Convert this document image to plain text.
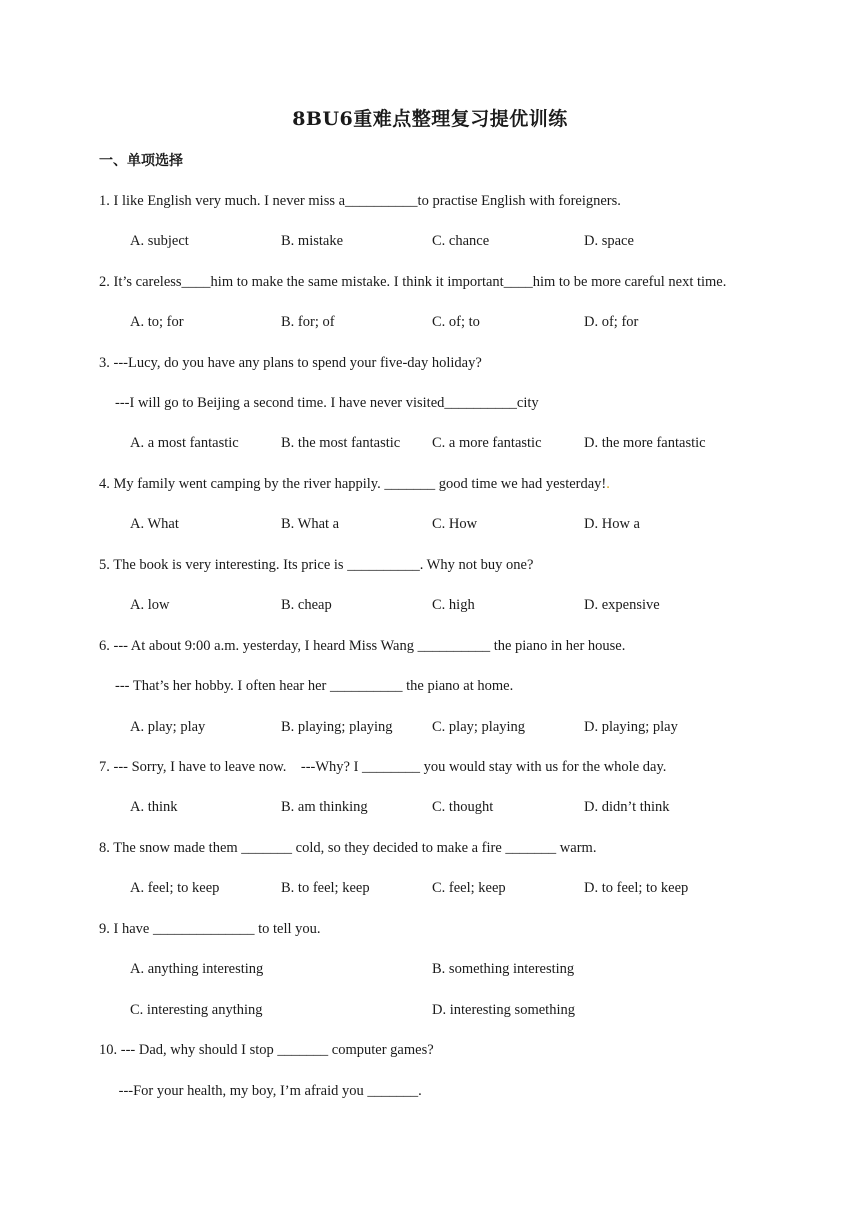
8BU6重难点整理复习提优训练
一、单项选择
1. I like English very much. I never miss a__________to practise English with foreigners.
A. subject	B. mistake	C. chance	D. space
2. It’s careless____him to make the same mistake. I think it important____him to be more careful next time.
A. to; for	B. for; of	C. of; to	D. of; for
3. ---Lucy, do you have any plans to spend your five-day holiday?
---I will go to Beijing a second time. I have never visited__________city
A. a most fantastic	B. the most fantastic C. a more fantastic	D. the more fantastic
4. My family went camping by the river happily. _______ good time we had yesterday!.
A. What	B. What a	C. How	D. How a
5. The book is very interesting. Its price is __________. Why not buy one?
A. low	B. cheap	C. high	D. expensive
6. --- At about 9:00 a.m. yesterday, I heard Miss Wang __________ the piano in her house.
--- That’s her hobby. I often hear her __________ the piano at home.
A. play; play	B. playing; playing	C. play; playing	D. playing; play
7. --- Sorry, I have to leave now.    ---Why? I ________ you would stay with us for the whole day.
A. think	B. am thinking	C. thought	D. didn’t think
8. The snow made them _______ cold, so they decided to make a fire _______ warm.
A. feel; to keep	B. to feel; keep	C. feel; keep	D. to feel; to keep
9. I have ______________ to tell you.
A. anything interesting	B. something interesting
C. interesting anything	D. interesting something
10. --- Dad, why should I stop _______ computer games?
---For your health, my boy, I’m afraid you _______.
